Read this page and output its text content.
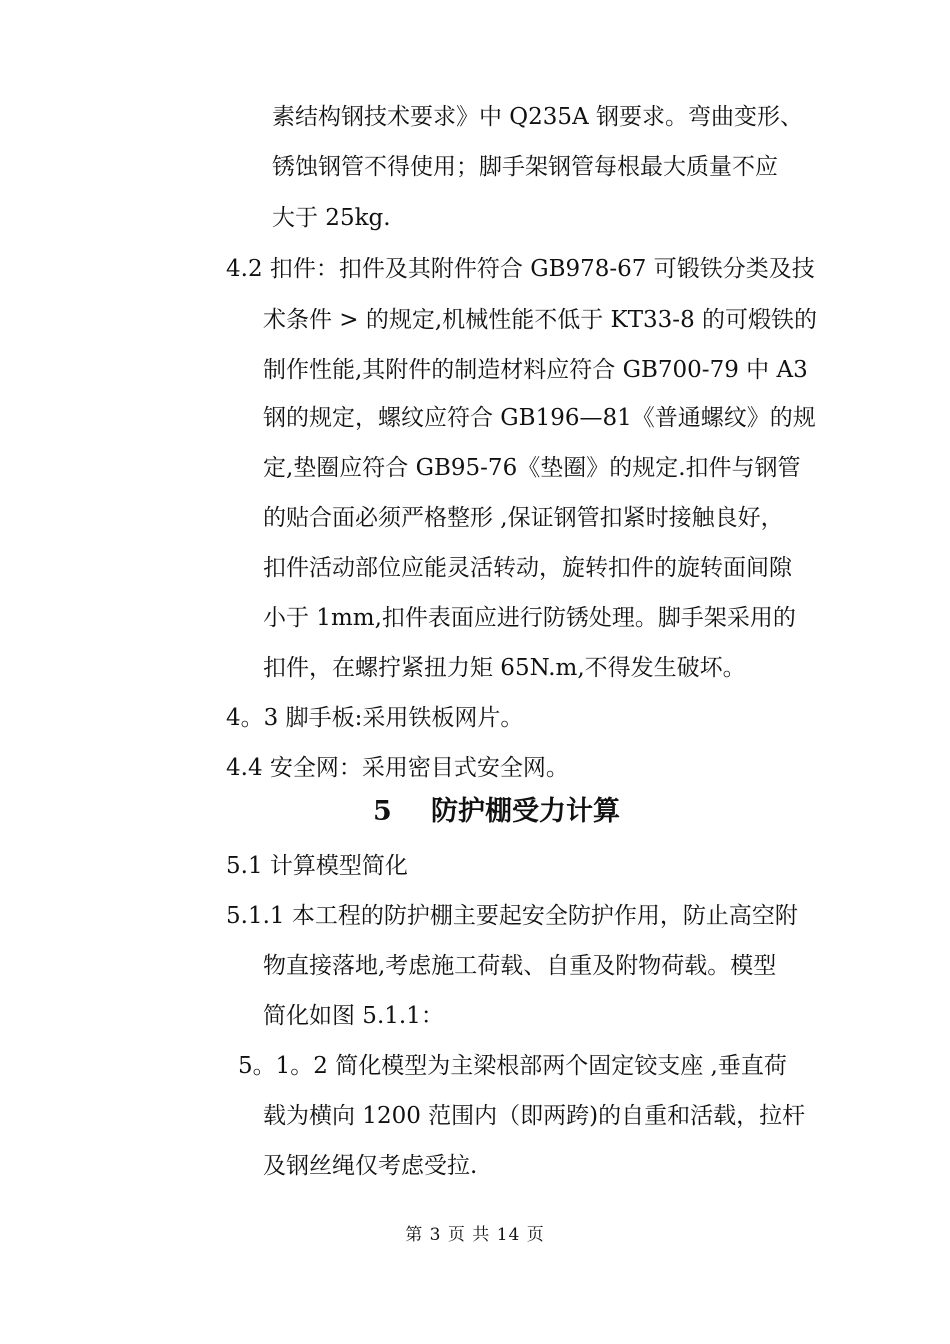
素结构钢技术要求》中 Q235A 钢要求。弯曲变形、
锈蚀钢管不得使用；脚手架钢管每根最大质量不应
大于 25kg.
4.2 扣件：扣件及其附件符合 GB978-67 可锻铁分类及技
术条件 > 的规定,机械性能不低于 KT33-8 的可煅铁的
制作性能,其附件的制造材料应符合 GB700-79 中 A3
钢的规定，螺纹应符合 GB196—81《普通螺纹》的规
定,垫圈应符合 GB95-76《垫圈》的规定.扣件与钢管
的贴合面必须严格整形 ,保证钢管扣紧时接触良好，
扣件活动部位应能灵活转动，旋转扣件的旋转面间隙
小于 1mm,扣件表面应进行防锈处理。脚手架采用的
扣件，在螺拧紧扭力矩 65N.m,不得发生破坏。
4。3 脚手板:采用铁板网片。
4.4 安全网：采用密目式安全网。
5 防护棚受力计算
5.1 计算模型简化
5.1.1 本工程的防护棚主要起安全防护作用，防止高空附
物直接落地,考虑施工荷载、自重及附物荷载。模型
简化如图 5.1.1：
5。1。2 简化模型为主梁根部两个固定铰支座 ,垂直荷
载为横向 1200 范围内（即两跨)的自重和活载，拉杆
及钢丝绳仅考虑受拉.
第 3 页 共 14 页
